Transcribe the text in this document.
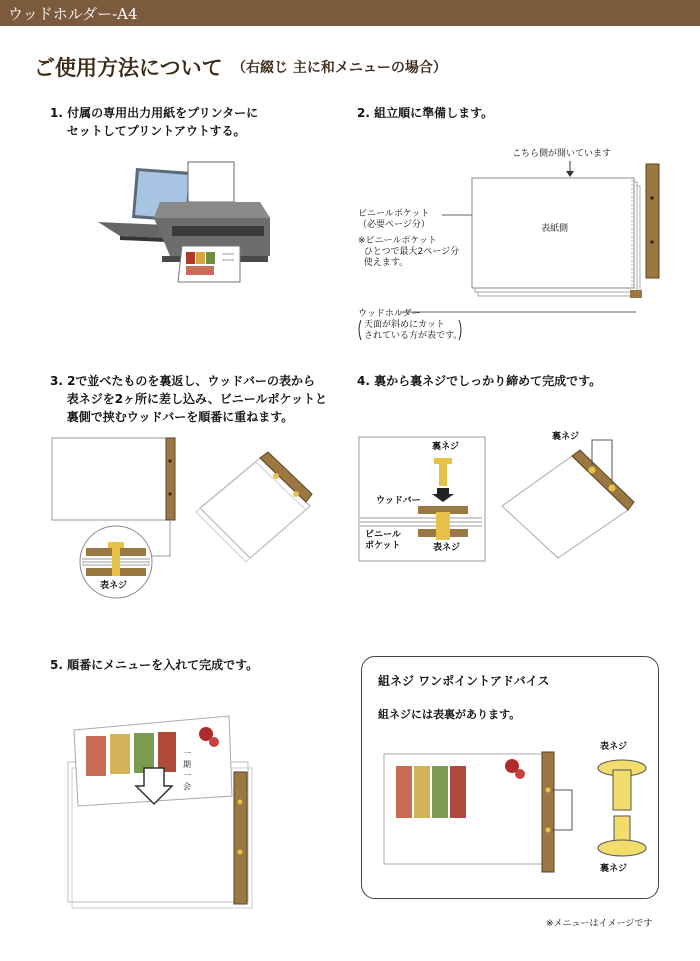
ウッドホルダー-A4
ご使用方法について （右綴じ 主に和メニューの場合）
1. 付属の専用出力用紙をプリンターに
セットしてプリントアウトする。
2. 組立順に準備します。
3. 2で並べたものを裏返し、ウッドバーの表から
表ネジを2ヶ所に差し込み、ビニールポケットと
裏側で挟むウッドバーを順番に重ねます。
4. 裏から裏ネジでしっかり締めて完成です。
5. 順番にメニューを入れて完成です。
こちら側が開いています
表紙側
ビニールポケット
（必要ページ分）
※ビニールポケット
ひとつで最大2ページ分
使えます。
ウッドホルダー
天面が斜めにカット
されている方が表です。
表ネジ
裏ネジ
ウッドバー
ビニール
ポケット	表ネジ
裏ネジ
一期一会
組ネジ ワンポイントアドバイス
組ネジには表裏があります。
表ネジ
裏ネジ
※メニューはイメージです
